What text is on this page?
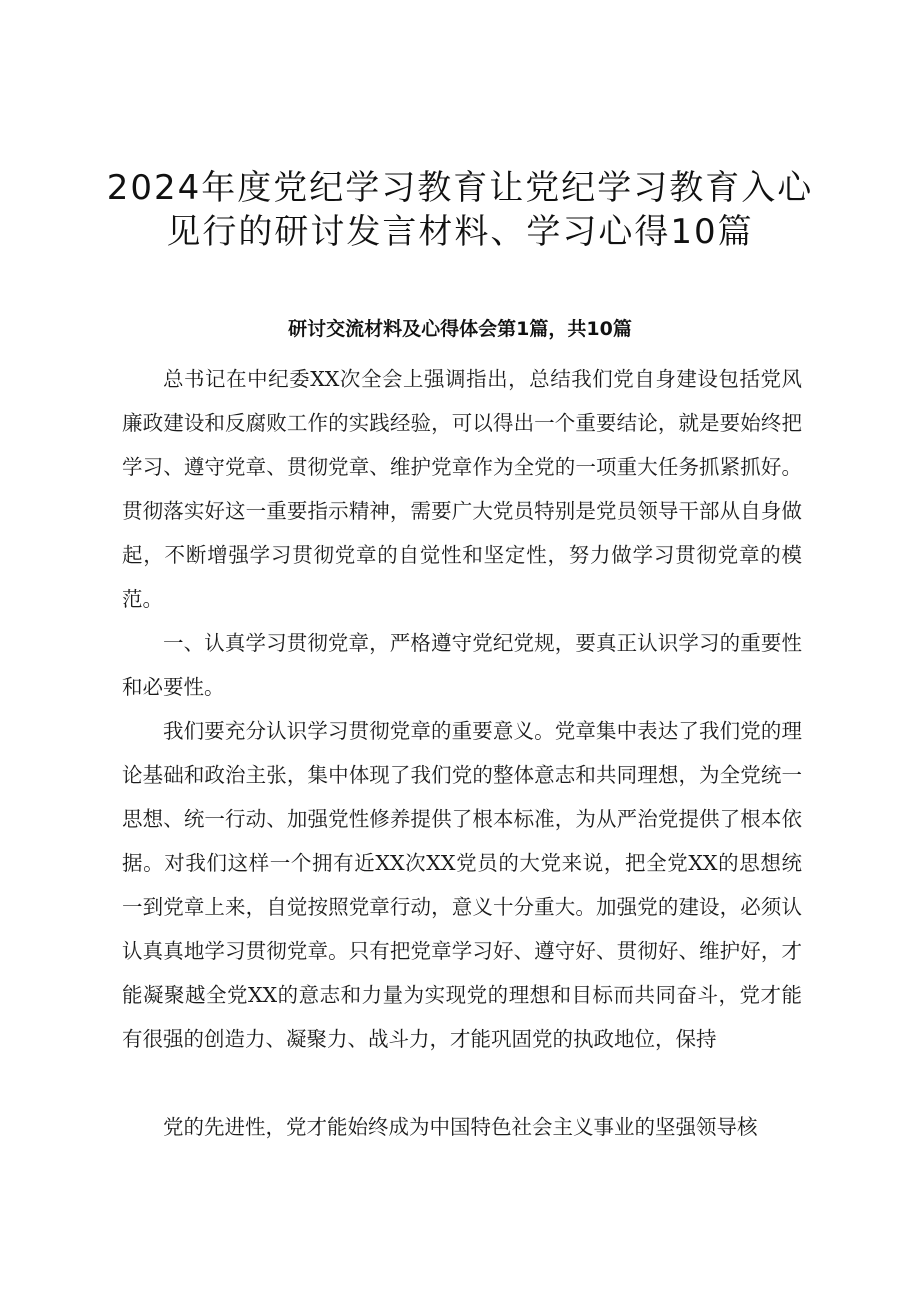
2024年度党纪学习教育让党纪学习教育入心
见行的研讨发言材料、学习心得10篇
研讨交流材料及心得体会第1篇，共10篇

总书记在中纪委XX次全会上强调指出，总结我们党自身建设包括党风廉政建设和反腐败工作的实践经验，可以得出一个重要结论，就是要始终把学习、遵守党章、贯彻党章、维护党章作为全党的一项重大任务抓紧抓好。贯彻落实好这一重要指示精神，需要广大党员特别是党员领导干部从自身做起，不断增强学习贯彻党章的自觉性和坚定性，努力做学习贯彻党章的模范。

一、认真学习贯彻党章，严格遵守党纪党规，要真正认识学习的重要性和必要性。

我们要充分认识学习贯彻党章的重要意义。党章集中表达了我们党的理论基础和政治主张，集中体现了我们党的整体意志和共同理想，为全党统一思想、统一行动、加强党性修养提供了根本标准，为从严治党提供了根本依据。对我们这样一个拥有近XX次XX党员的大党来说，把全党XX的思想统一到党章上来，自觉按照党章行动，意义十分重大。加强党的建设，必须认认真真地学习贯彻党章。只有把党章学习好、遵守好、贯彻好、维护好，才能凝聚越全党XX的意志和力量为实现党的理想和目标而共同奋斗，党才能有很强的创造力、凝聚力、战斗力，才能巩固党的执政地位，保持

党的先进性，党才能始终成为中国特色社会主义事业的坚强领导核
